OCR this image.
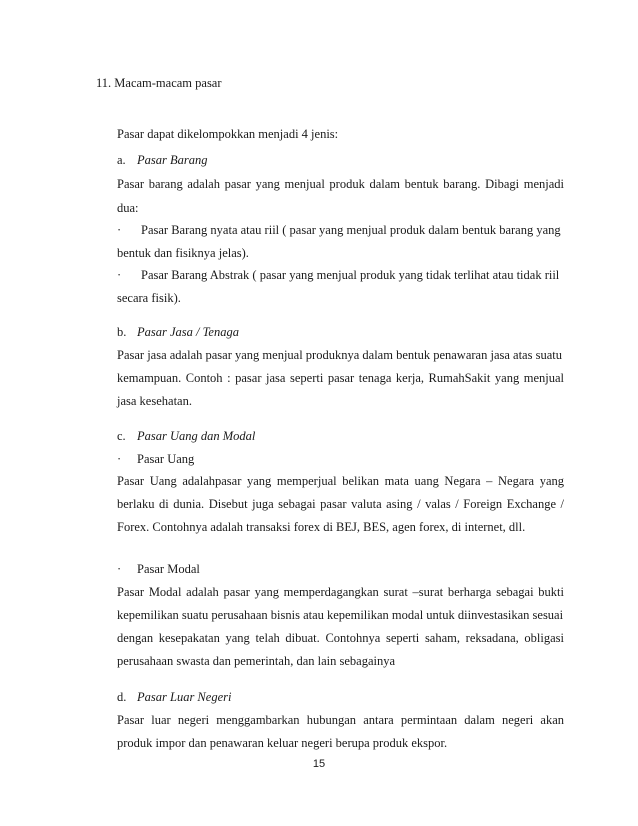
11. Macam-macam pasar
Pasar dapat dikelompokkan menjadi 4 jenis:
a. Pasar Barang
Pasar barang adalah pasar yang menjual produk dalam bentuk barang. Dibagi menjadi
dua:
· Pasar Barang nyata atau riil ( pasar yang menjual produk dalam bentuk barang yang
bentuk dan fisiknya jelas).
· Pasar Barang Abstrak ( pasar yang menjual produk yang tidak terlihat atau tidak riil
secara fisik).
b. Pasar Jasa / Tenaga
Pasar jasa adalah pasar yang menjual produknya dalam bentuk penawaran jasa atas suatu
kemampuan. Contoh : pasar jasa seperti pasar tenaga kerja, RumahSakit yang menjual
jasa kesehatan.
c. Pasar Uang dan Modal
· Pasar Uang
Pasar Uang adalahpasar yang memperjual belikan mata uang Negara – Negara yang
berlaku di dunia. Disebut juga sebagai pasar valuta asing / valas / Foreign Exchange /
Forex. Contohnya adalah transaksi forex di BEJ, BES, agen forex, di internet, dll.
· Pasar Modal
Pasar Modal adalah pasar yang memperdagangkan surat –surat berharga sebagai bukti
kepemilikan suatu perusahaan bisnis atau kepemilikan modal untuk diinvestasikan sesuai
dengan kesepakatan yang telah dibuat. Contohnya seperti saham, reksadana, obligasi
perusahaan swasta dan pemerintah, dan lain sebagainya
d. Pasar Luar Negeri
Pasar luar negeri menggambarkan hubungan antara permintaan dalam negeri akan
produk impor dan penawaran keluar negeri berupa produk ekspor.
15
